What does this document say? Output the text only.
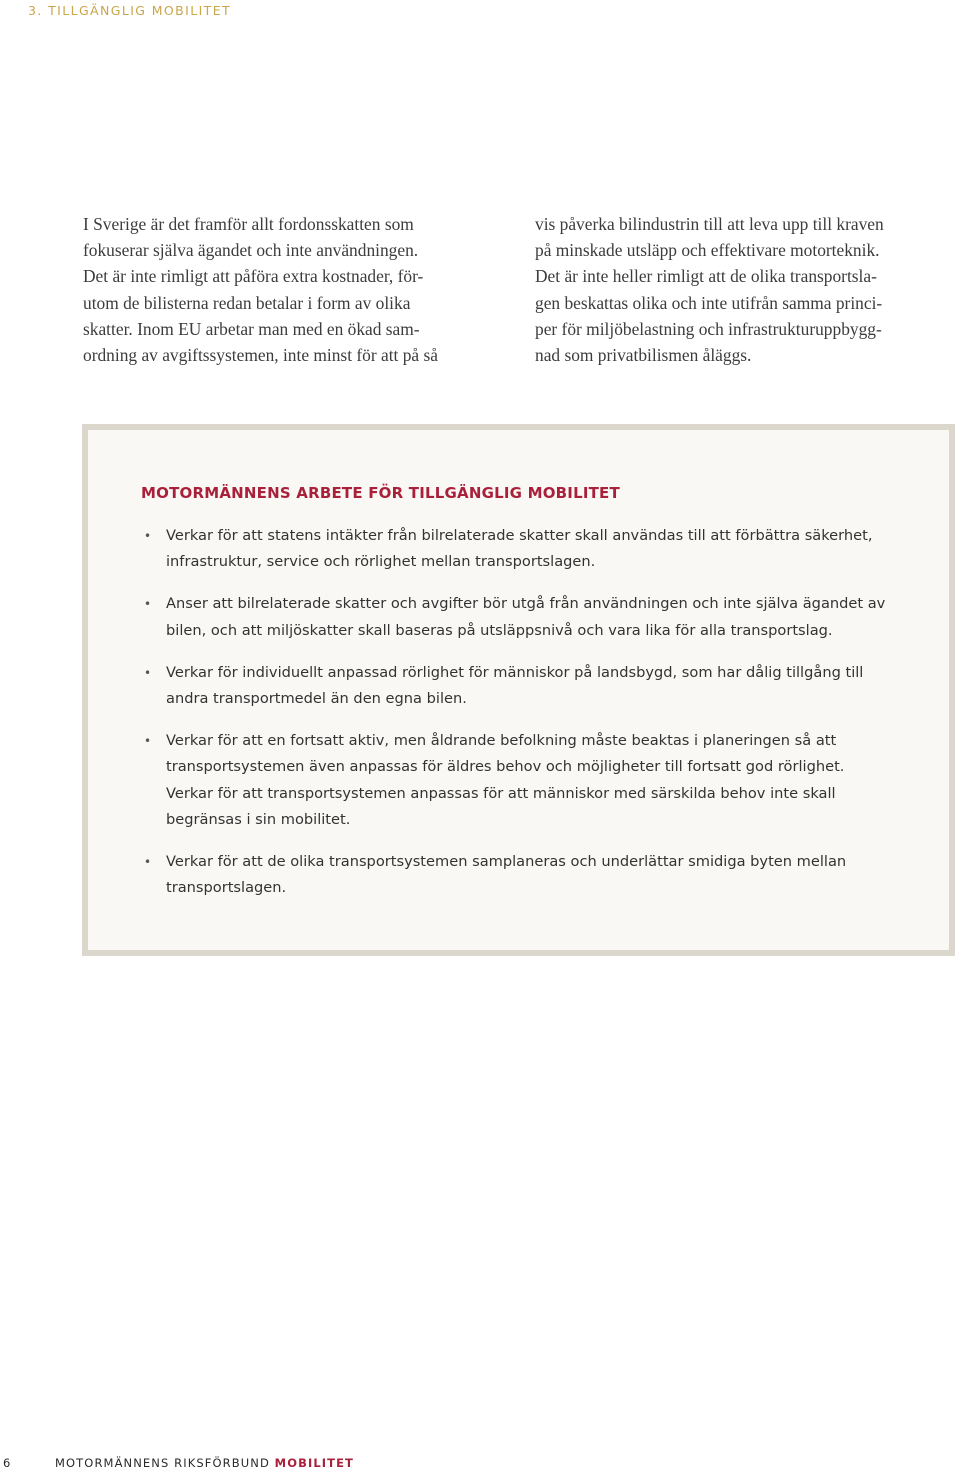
3. TILLGÄNGLIG MOBILITET

I Sverige är det framför allt fordonsskatten som
fokuserar själva ägandet och inte användningen.
Det är inte rimligt att påföra extra kostnader, för-
utom de bilisterna redan betalar i form av olika
skatter. Inom EU arbetar man med en ökad sam-
ordning av avgiftssystemen, inte minst för att på så

vis påverka bilindustrin till att leva upp till kraven
på minskade utsläpp och effektivare motorteknik.
Det är inte heller rimligt att de olika transportsla-
gen beskattas olika och inte utifrån samma princi-
per för miljöbelastning och infrastrukturuppbygg-
nad som privatbilismen åläggs.

MOTORMÄNNENS ARBETE FÖR TILLGÄNGLIG MOBILITET
• Verkar för att statens intäkter från bilrelaterade skatter skall användas till att förbättra säkerhet,
infrastruktur, service och rörlighet mellan transportslagen.
• Anser att bilrelaterade skatter och avgifter bör utgå från användningen och inte själva ägandet av
bilen, och att miljöskatter skall baseras på utsläppsnivå och vara lika för alla transportslag.
• Verkar för individuellt anpassad rörlighet för människor på landsbygd, som har dålig tillgång till
andra transportmedel än den egna bilen.
• Verkar för att en fortsatt aktiv, men åldrande befolkning måste beaktas i planeringen så att
transportsystemen även anpassas för äldres behov och möjligheter till fortsatt god rörlighet.
Verkar för att transportsystemen anpassas för att människor med särskilda behov inte skall
begränsas i sin mobilitet.
• Verkar för att de olika transportsystemen samplaneras och underlättar smidiga byten mellan
transportslagen.
6	MOTORMÄNNENS RIKSFÖRBUND MOBILITET
